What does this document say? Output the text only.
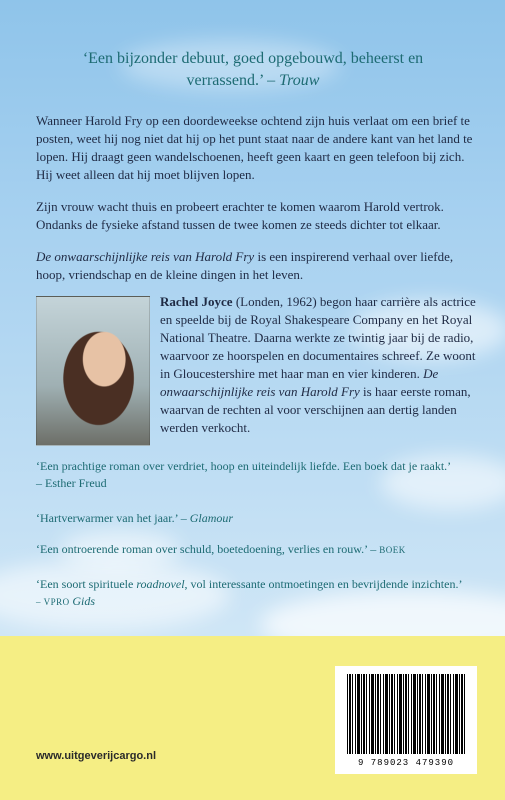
‘Een bijzonder debuut, goed opgebouwd, beheerst en verrassend.’ – Trouw

Wanneer Harold Fry op een doordeweekse ochtend zijn huis verlaat om een brief te posten, weet hij nog niet dat hij op het punt staat naar de andere kant van het land te lopen. Hij draagt geen wandelschoenen, heeft geen kaart en geen telefoon bij zich. Hij weet alleen dat hij moet blijven lopen.

Zijn vrouw wacht thuis en probeert erachter te komen waarom Harold vertrok. Ondanks de fysieke afstand tussen de twee komen ze steeds dichter tot elkaar.

De onwaarschijnlijke reis van Harold Fry is een inspirerend verhaal over liefde, hoop, vriendschap en de kleine dingen in het leven.

Rachel Joyce (Londen, 1962) begon haar carrière als actrice en speelde bij de Royal Shakespeare Company en het Royal National Theatre. Daarna werkte ze twintig jaar bij de radio, waarvoor ze hoorspelen en documentaires schreef. Ze woont in Gloucestershire met haar man en vier kinderen. De onwaarschijnlijke reis van Harold Fry is haar eerste roman, waarvan de rechten al voor verschijnen aan dertig landen werden verkocht.
‘Een prachtige roman over verdriet, hoop en uiteindelijk liefde. Een boek dat je raakt.’
– Esther Freud
‘Hartverwarmer van het jaar.’ – Glamour
‘Een ontroerende roman over schuld, boetedoening, verlies en rouw.’ – BOEK
‘Een soort spirituele roadnovel, vol interessante ontmoetingen en bevrijdende inzichten.’
– VPRO Gids
www.uitgeverijcargo.nl
9 789023 479390
